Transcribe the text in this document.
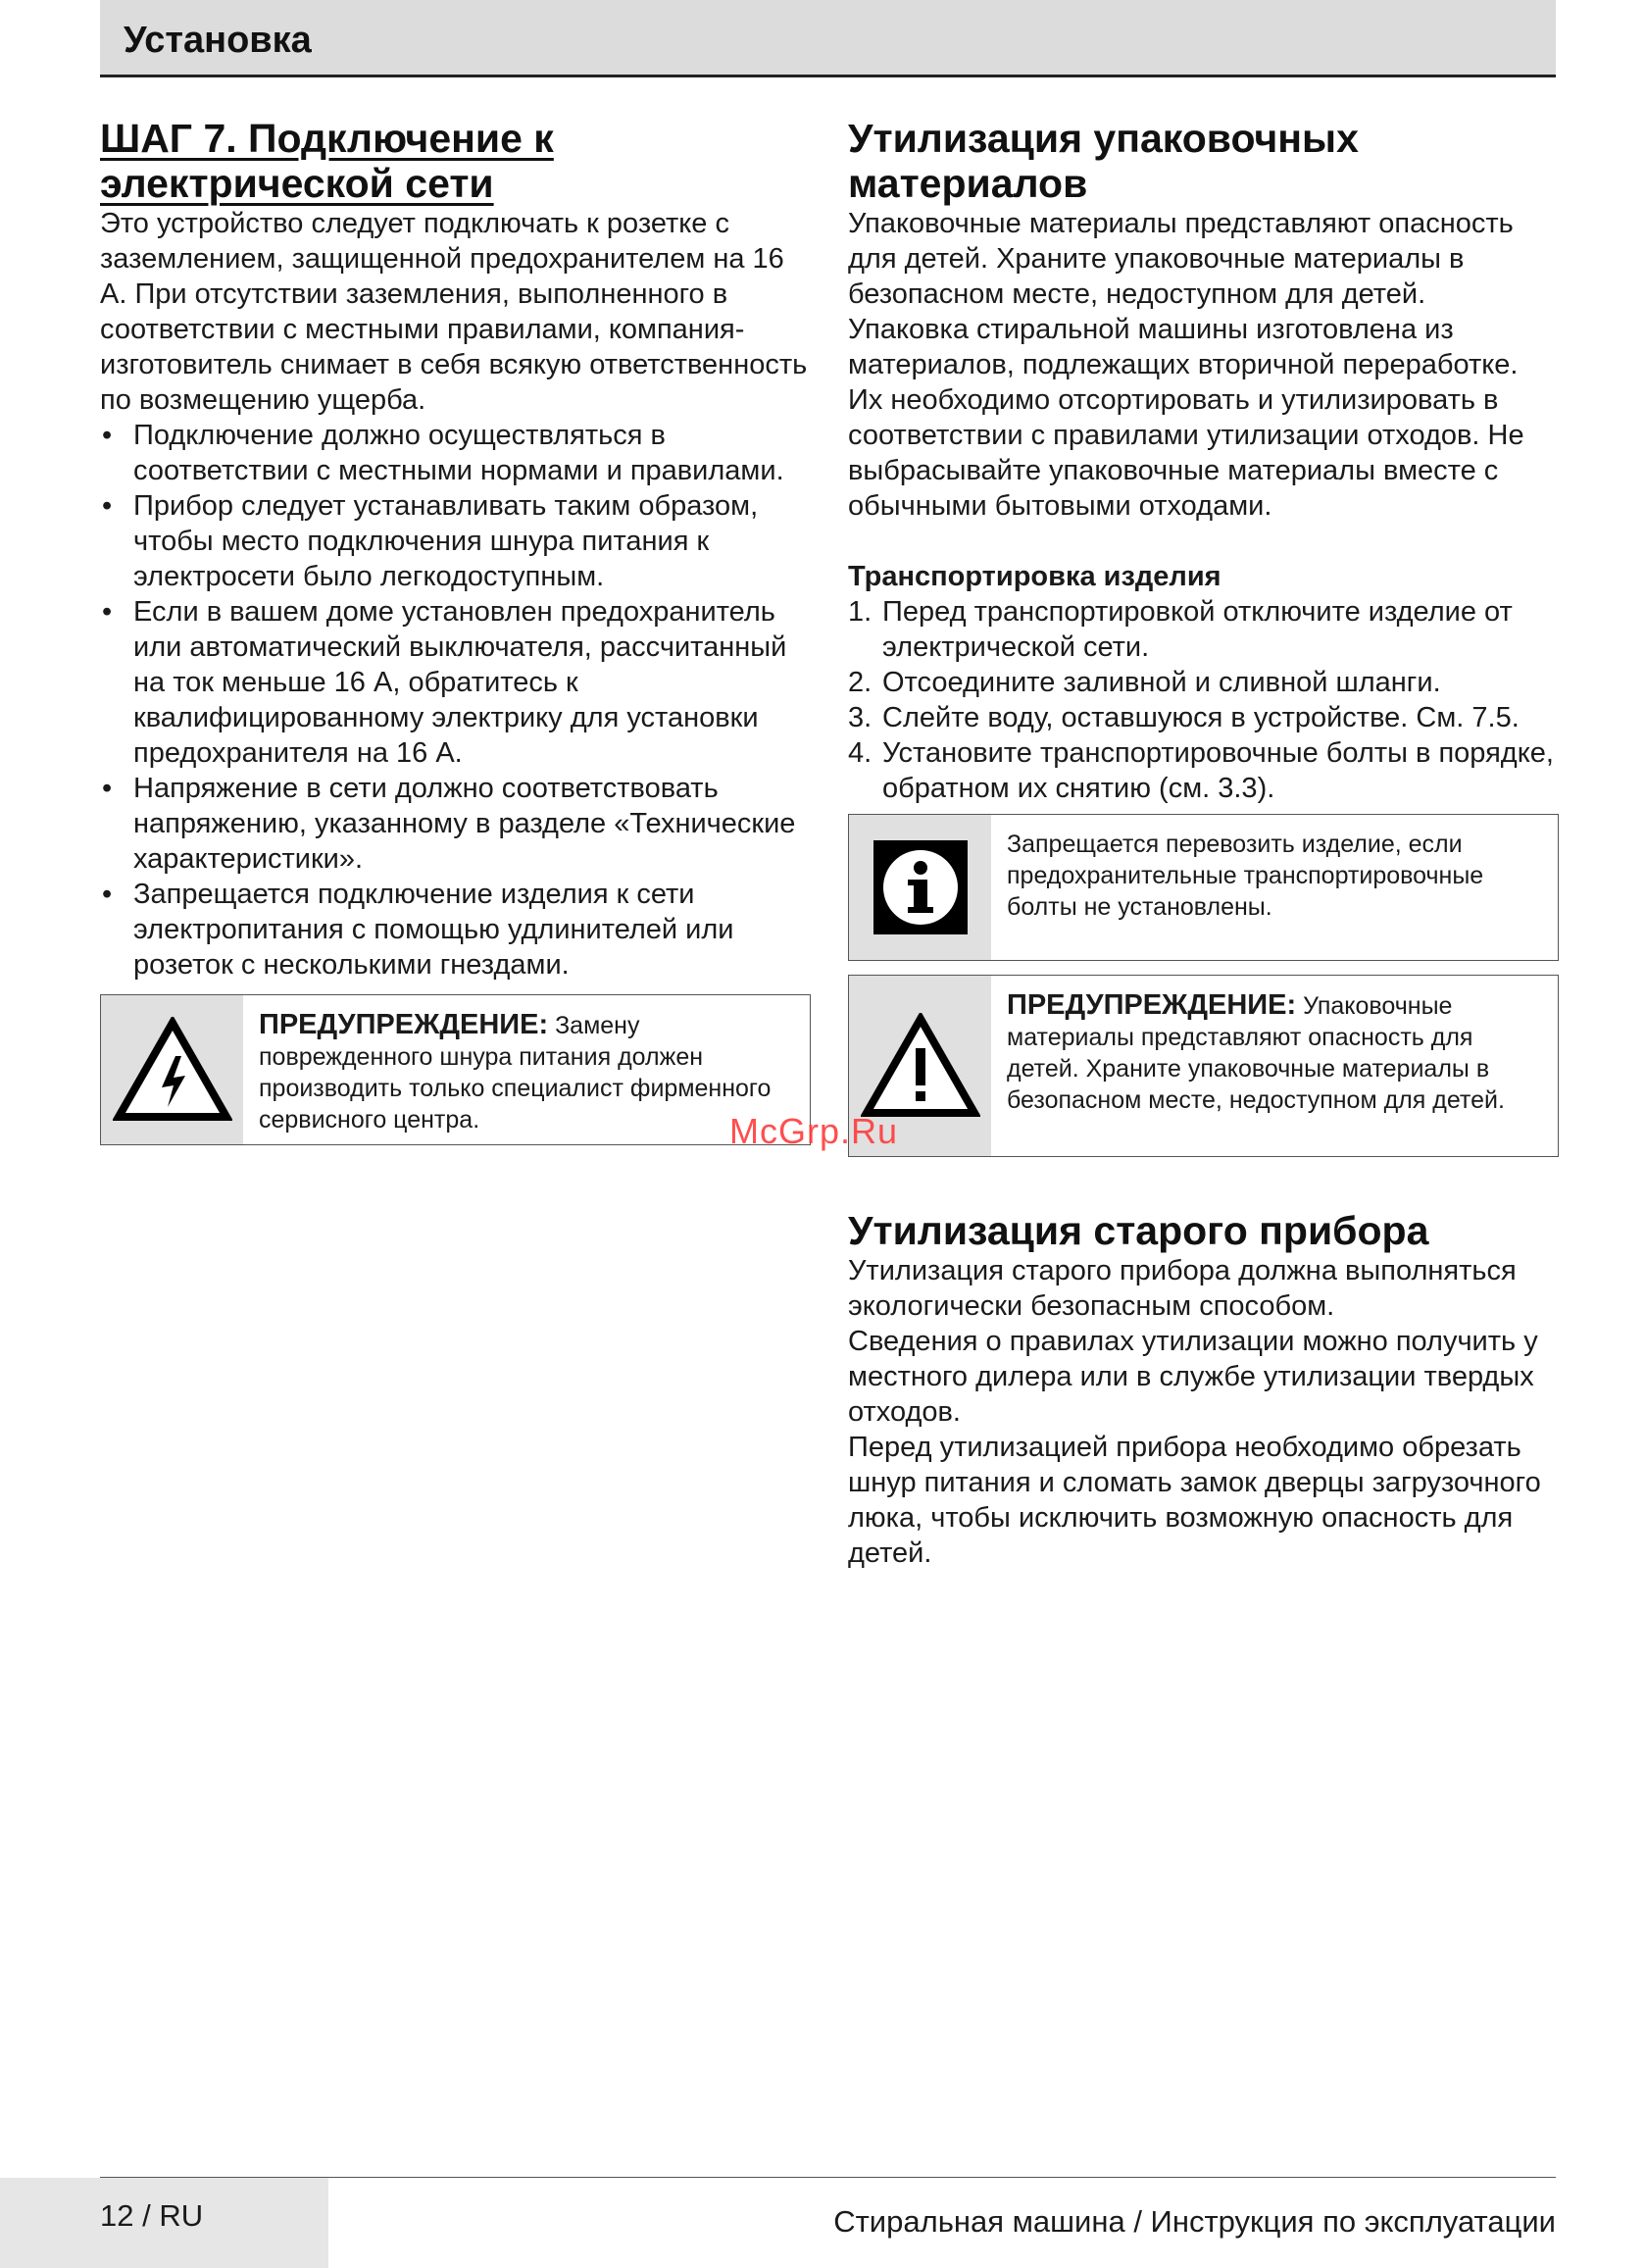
Установка
ШАГ 7. Подключение к
электрической сети

Это устройство следует подключать к розетке с заземлением, защищенной предохранителем на 16 А. При отсутствии заземления, выполненного в соответствии с местными правилами, компания-изготовитель снимает в себя всякую ответственность по возмещению ущерба.

• Подключение должно осуществляться в соответствии с местными нормами и правилами.
• Прибор следует устанавливать таким образом, чтобы место подключения шнура питания к электросети было легкодоступным.
• Если в вашем доме установлен предохранитель или автоматический выключателя, рассчитанный на ток меньше 16 А, обратитесь к квалифицированному электрику для установки предохранителя на 16 А.
• Напряжение в сети должно соответствовать напряжению, указанному в разделе «Технические характеристики».
• Запрещается подключение изделия к сети электропитания с помощью удлинителей или розеток с несколькими гнездами.
ПРЕДУПРЕЖДЕНИЕ: Замену поврежденного шнура питания должен производить только специалист фирменного сервисного центра.
Утилизация упаковочных
материалов

Упаковочные материалы представляют опасность для детей. Храните упаковочные материалы в безопасном месте, недоступном для детей.

Упаковка стиральной машины изготовлена из материалов, подлежащих вторичной переработке. Их необходимо отсортировать и утилизировать в соответствии с правилами утилизации отходов. Не выбрасывайте упаковочные материалы вместе с обычными бытовыми отходами.

Транспортировка изделия
1. Перед транспортировкой отключите изделие от электрической сети.
2. Отсоедините заливной и сливной шланги.
3. Слейте воду, оставшуюся в устройстве. См. 7.5.
4. Установите транспортировочные болты в порядке, обратном их снятию (см. 3.3).
Запрещается перевозить изделие, если предохранительные транспортировочные болты не установлены.
ПРЕДУПРЕЖДЕНИЕ: Упаковочные материалы представляют опасность для детей. Храните упаковочные материалы в безопасном месте, недоступном для детей.
Утилизация старого прибора

Утилизация старого прибора должна выполняться экологически безопасным способом.

Сведения о правилах утилизации можно получить у местного дилера или в службе утилизации твердых отходов.

Перед утилизацией прибора необходимо обрезать шнур питания и сломать замок дверцы загрузочного люка, чтобы исключить возможную опасность для детей.

McGrp.Ru
12 / RU	Стиральная машина / Инструкция по эксплуатации
